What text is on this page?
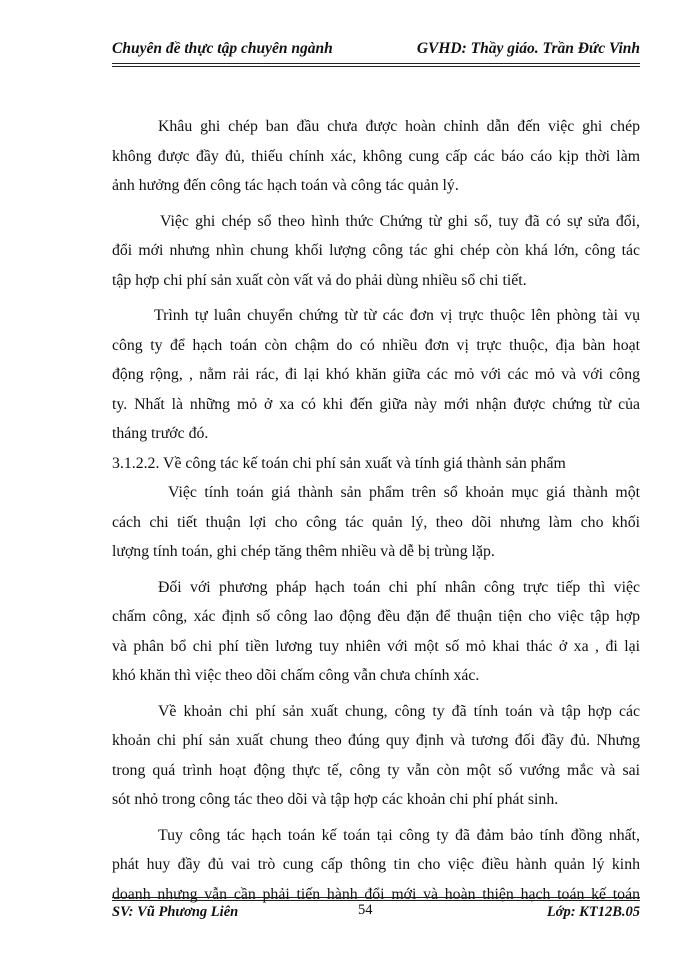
Chuyên đề thực tập chuyên ngành	GVHD: Thầy giáo. Trần Đức Vinh
Khâu ghi chép ban đầu chưa được hoàn chỉnh dẫn đến việc ghi chép
không được đầy đủ, thiếu chính xác, không cung cấp các báo cáo kịp thời làm
ảnh hưởng đến công tác hạch toán và công tác quản lý.
Việc ghi chép sổ theo hình thức Chứng từ ghi sổ, tuy đã có sự sửa đổi,
đổi mới nhưng nhìn chung khối lượng công tác ghi chép còn khá lớn, công tác
tập hợp chi phí sản xuất còn vất vả do phải dùng nhiều sổ chi tiết.
Trình tự luân chuyển chứng từ từ các đơn vị trực thuộc lên phòng tài vụ
công ty để hạch toán còn chậm do có nhiều đơn vị trực thuộc, địa bàn hoạt
động rộng, , nằm rải rác, đi lại khó khăn giữa các mỏ với các mỏ và với công
ty. Nhất là những mỏ ở xa có khi đến giữa này mới nhận được chứng từ của
tháng trước đó.
3.1.2.2. Về công tác kế toán chi phí sản xuất và tính giá thành sản phẩm
Việc tính toán giá thành sản phẩm trên sổ khoản mục giá thành một
cách chi tiết thuận lợi cho công tác quản lý, theo dõi nhưng làm cho khối
lượng tính toán, ghi chép tăng thêm nhiều và dễ bị trùng lặp.
Đối với phương pháp hạch toán chi phí nhân công trực tiếp thì việc
chấm công, xác định số công lao động đều đặn để thuận tiện cho việc tập hợp
và phân bổ chi phí tiền lương tuy nhiên với một số mỏ khai thác ở xa , đi lại
khó khăn thì việc theo dõi chấm công vẫn chưa chính xác.
Về khoản chi phí sản xuất chung, công ty đã tính toán và tập hợp các
khoản chi phí sản xuất chung theo đúng quy định và tương đối đầy đủ. Nhưng
trong quá trình hoạt động thực tế, công ty vẫn còn một số vướng mắc và sai
sót nhỏ trong công tác theo dõi và tập hợp các khoản chi phí phát sinh.
Tuy công tác hạch toán kế toán tại công ty đã đảm bảo tính đồng nhất,
phát huy đầy đủ vai trò cung cấp thông tin cho việc điều hành quản lý kinh
doanh nhưng vẫn cần phải tiến hành đổi mới và hoàn thiện hạch toán kế toán
SV: Vũ Phương Liên	54	Lớp: KT12B.05
